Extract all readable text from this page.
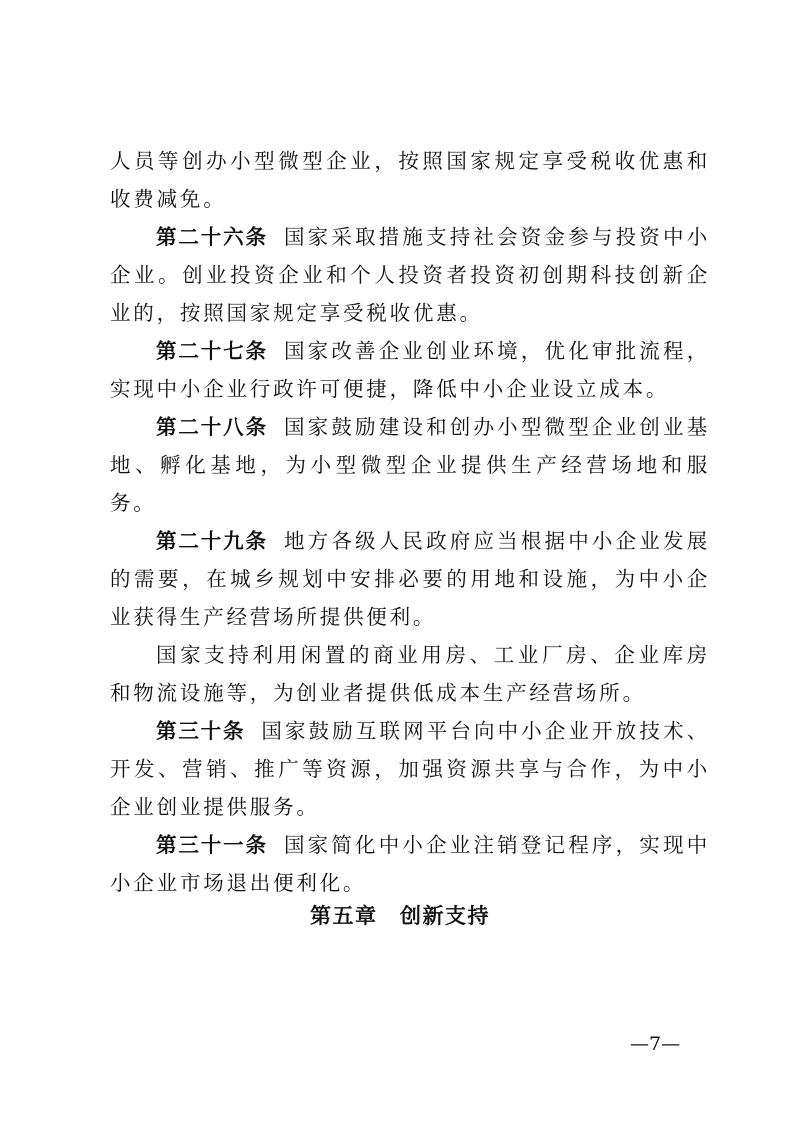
人员等创办小型微型企业，按照国家规定享受税收优惠和收费减免。

第二十六条 国家采取措施支持社会资金参与投资中小企业。创业投资企业和个人投资者投资初创期科技创新企业的，按照国家规定享受税收优惠。

第二十七条 国家改善企业创业环境，优化审批流程，实现中小企业行政许可便捷，降低中小企业设立成本。

第二十八条 国家鼓励建设和创办小型微型企业创业基地、孵化基地，为小型微型企业提供生产经营场地和服务。

第二十九条 地方各级人民政府应当根据中小企业发展的需要，在城乡规划中安排必要的用地和设施，为中小企业获得生产经营场所提供便利。

国家支持利用闲置的商业用房、工业厂房、企业库房和物流设施等，为创业者提供低成本生产经营场所。

第三十条 国家鼓励互联网平台向中小企业开放技术、开发、营销、推广等资源，加强资源共享与合作，为中小企业创业提供服务。

第三十一条 国家简化中小企业注销登记程序，实现中小企业市场退出便利化。

第五章　创新支持
—7—
